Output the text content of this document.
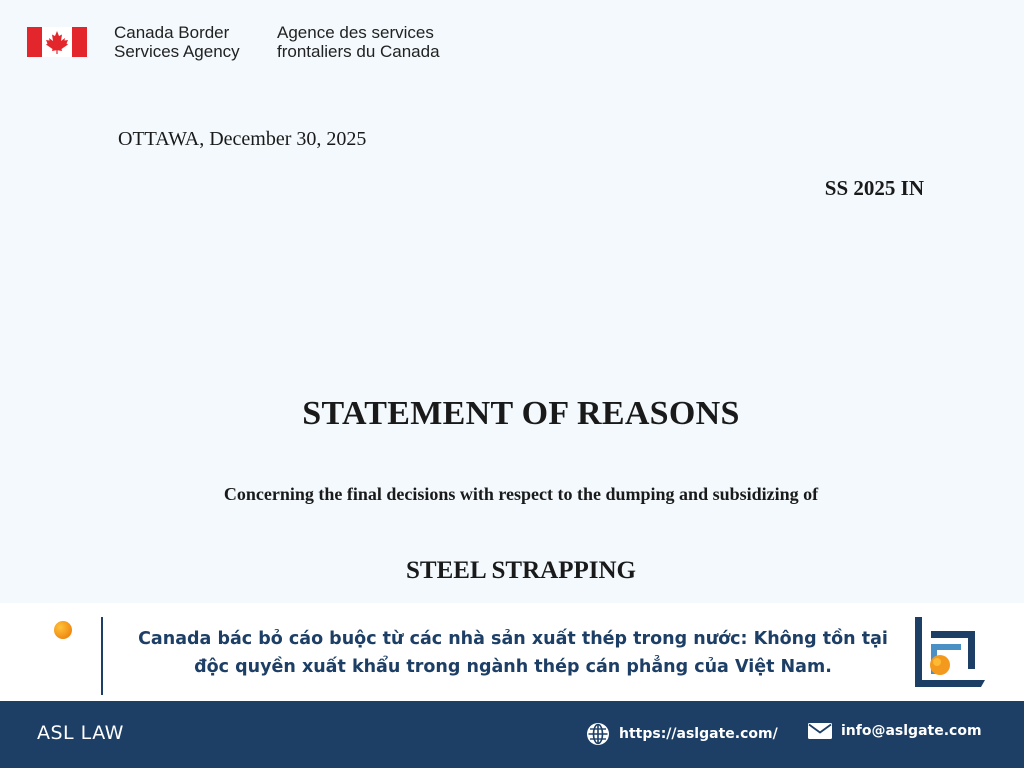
Canada Border
Services Agency
Agence des services
frontaliers du Canada
OTTAWA, December 30, 2025
SS 2025 IN
STATEMENT OF REASONS
Concerning the final decisions with respect to the dumping and subsidizing of
STEEL STRAPPING
Canada bác bỏ cáo buộc từ các nhà sản xuất thép trong nước: Không tồn tại
độc quyền xuất khẩu trong ngành thép cán phẳng của Việt Nam.
ASL LAW	https://aslgate.com/	info@aslgate.com
